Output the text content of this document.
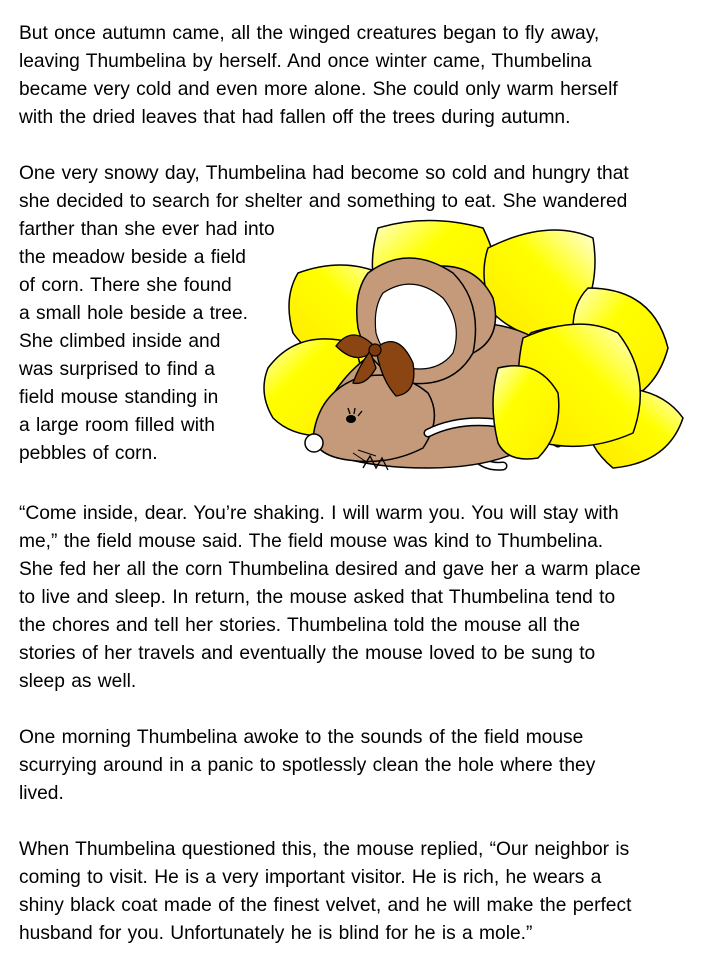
But once autumn came, all the winged creatures began to fly away,
leaving Thumbelina by herself. And once winter came, Thumbelina
became very cold and even more alone. She could only warm herself
with the dried leaves that had fallen off the trees during autumn.
One very snowy day, Thumbelina had become so cold and hungry that
she decided to search for shelter and something to eat. She wandered
farther than she ever had into
the meadow beside a field
of corn. There she found
a small hole beside a tree.
She climbed inside and
was surprised to find a
field mouse standing in
a large room filled with
pebbles of corn.
“Come inside, dear. You’re shaking. I will warm you. You will stay with
me,” the field mouse said. The field mouse was kind to Thumbelina.
She fed her all the corn Thumbelina desired and gave her a warm place
to live and sleep. In return, the mouse asked that Thumbelina tend to
the chores and tell her stories. Thumbelina told the mouse all the
stories of her travels and eventually the mouse loved to be sung to
sleep as well.
One morning Thumbelina awoke to the sounds of the field mouse
scurrying around in a panic to spotlessly clean the hole where they
lived.
When Thumbelina questioned this, the mouse replied, “Our neighbor is
coming to visit. He is a very important visitor. He is rich, he wears a
shiny black coat made of the finest velvet, and he will make the perfect
husband for you. Unfortunately he is blind for he is a mole.”
